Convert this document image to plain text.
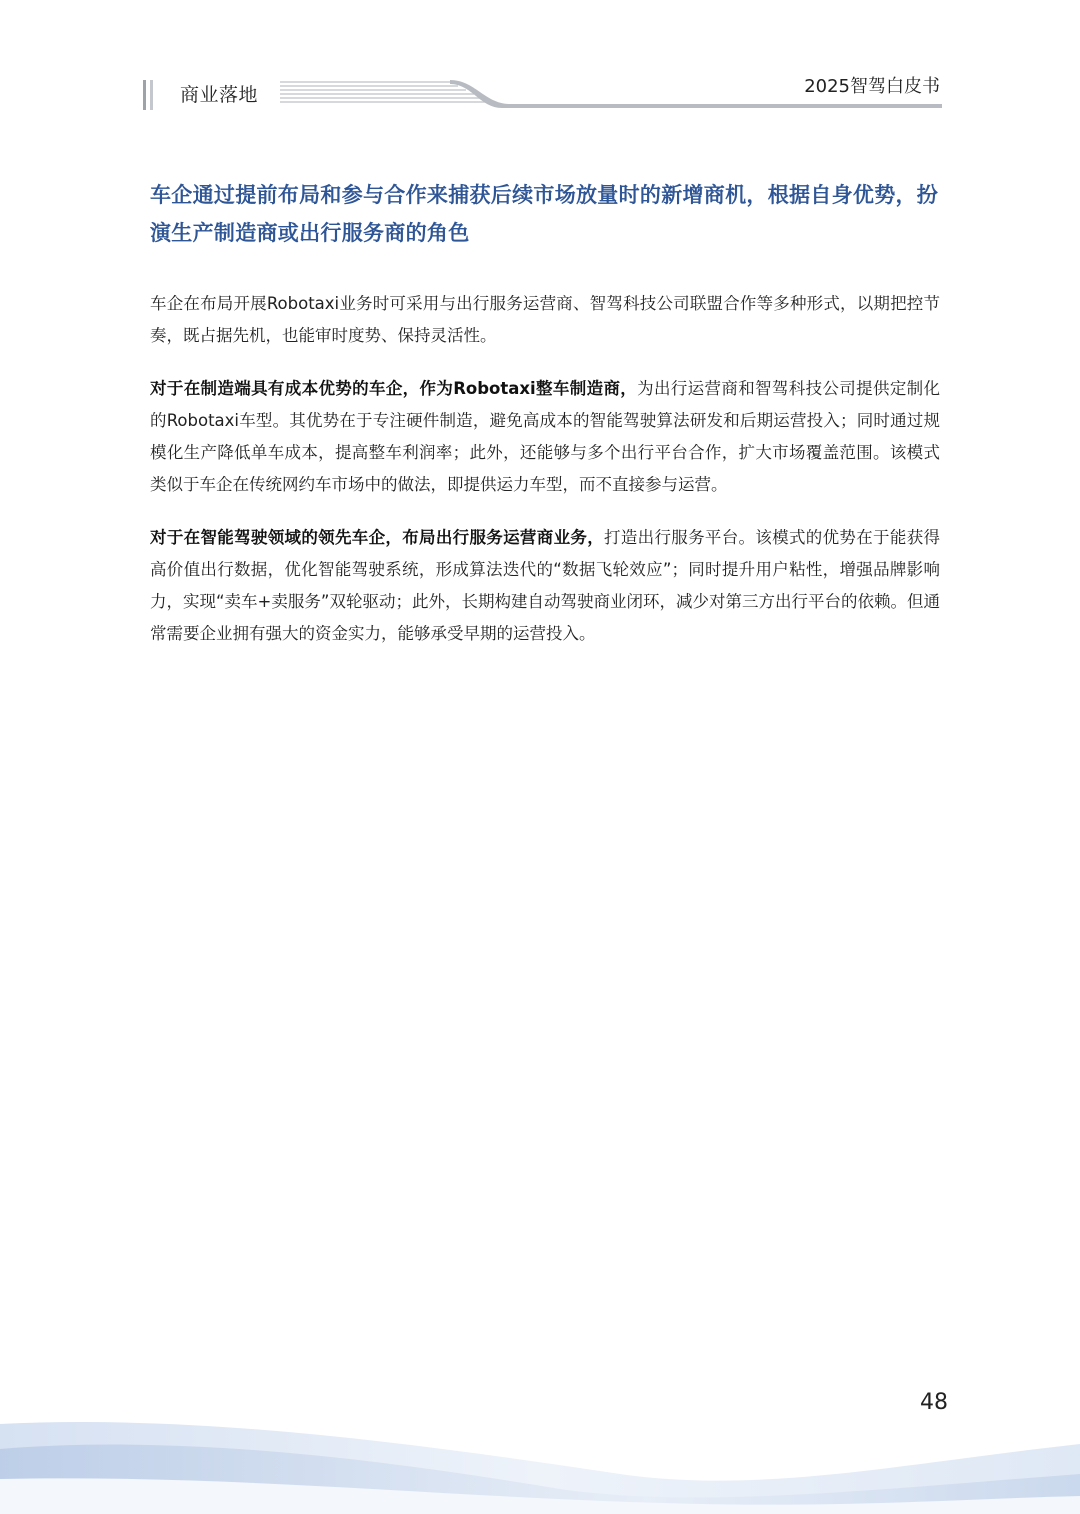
商业落地	2025智驾白皮书
车企通过提前布局和参与合作来捕获后续市场放量时的新增商机，根据自身优势，扮演生产制造商或出行服务商的角色

车企在布局开展Robotaxi业务时可采用与出行服务运营商、智驾科技公司联盟合作等多种形式，以期把控节奏，既占据先机，也能审时度势、保持灵活性。

对于在制造端具有成本优势的车企，作为Robotaxi整车制造商，为出行运营商和智驾科技公司提供定制化的Robotaxi车型。其优势在于专注硬件制造，避免高成本的智能驾驶算法研发和后期运营投入；同时通过规模化生产降低单车成本，提高整车利润率；此外，还能够与多个出行平台合作，扩大市场覆盖范围。该模式类似于车企在传统网约车市场中的做法，即提供运力车型，而不直接参与运营。

对于在智能驾驶领域的领先车企，布局出行服务运营商业务，打造出行服务平台。该模式的优势在于能获得高价值出行数据，优化智能驾驶系统，形成算法迭代的“数据飞轮效应”；同时提升用户粘性，增强品牌影响力，实现“卖车+卖服务”双轮驱动；此外，长期构建自动驾驶商业闭环，减少对第三方出行平台的依赖。但通常需要企业拥有强大的资金实力，能够承受早期的运营投入。

48
